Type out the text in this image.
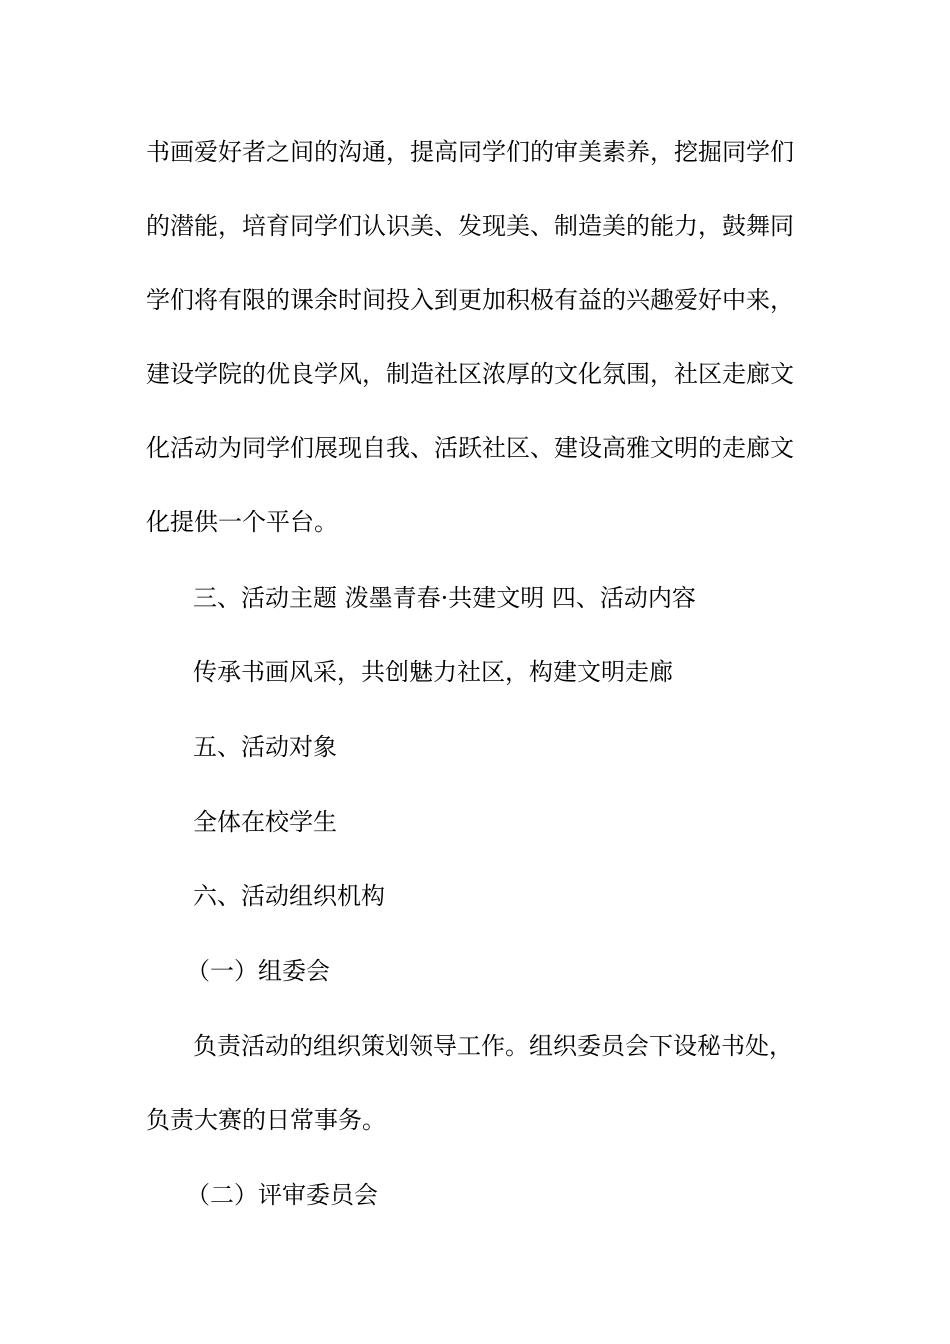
书画爱好者之间的沟通，提高同学们的审美素养，挖掘同学们
的潜能，培育同学们认识美、发现美、制造美的能力，鼓舞同
学们将有限的课余时间投入到更加积极有益的兴趣爱好中来，
建设学院的优良学风，制造社区浓厚的文化氛围，社区走廊文
化活动为同学们展现自我、活跃社区、建设高雅文明的走廊文
化提供一个平台。
三、活动主题 泼墨青春·共建文明 四、活动内容
传承书画风采，共创魅力社区，构建文明走廊
五、活动对象
全体在校学生
六、活动组织机构
（一）组委会
负责活动的组织策划领导工作。组织委员会下设秘书处，
负责大赛的日常事务。
（二）评审委员会
